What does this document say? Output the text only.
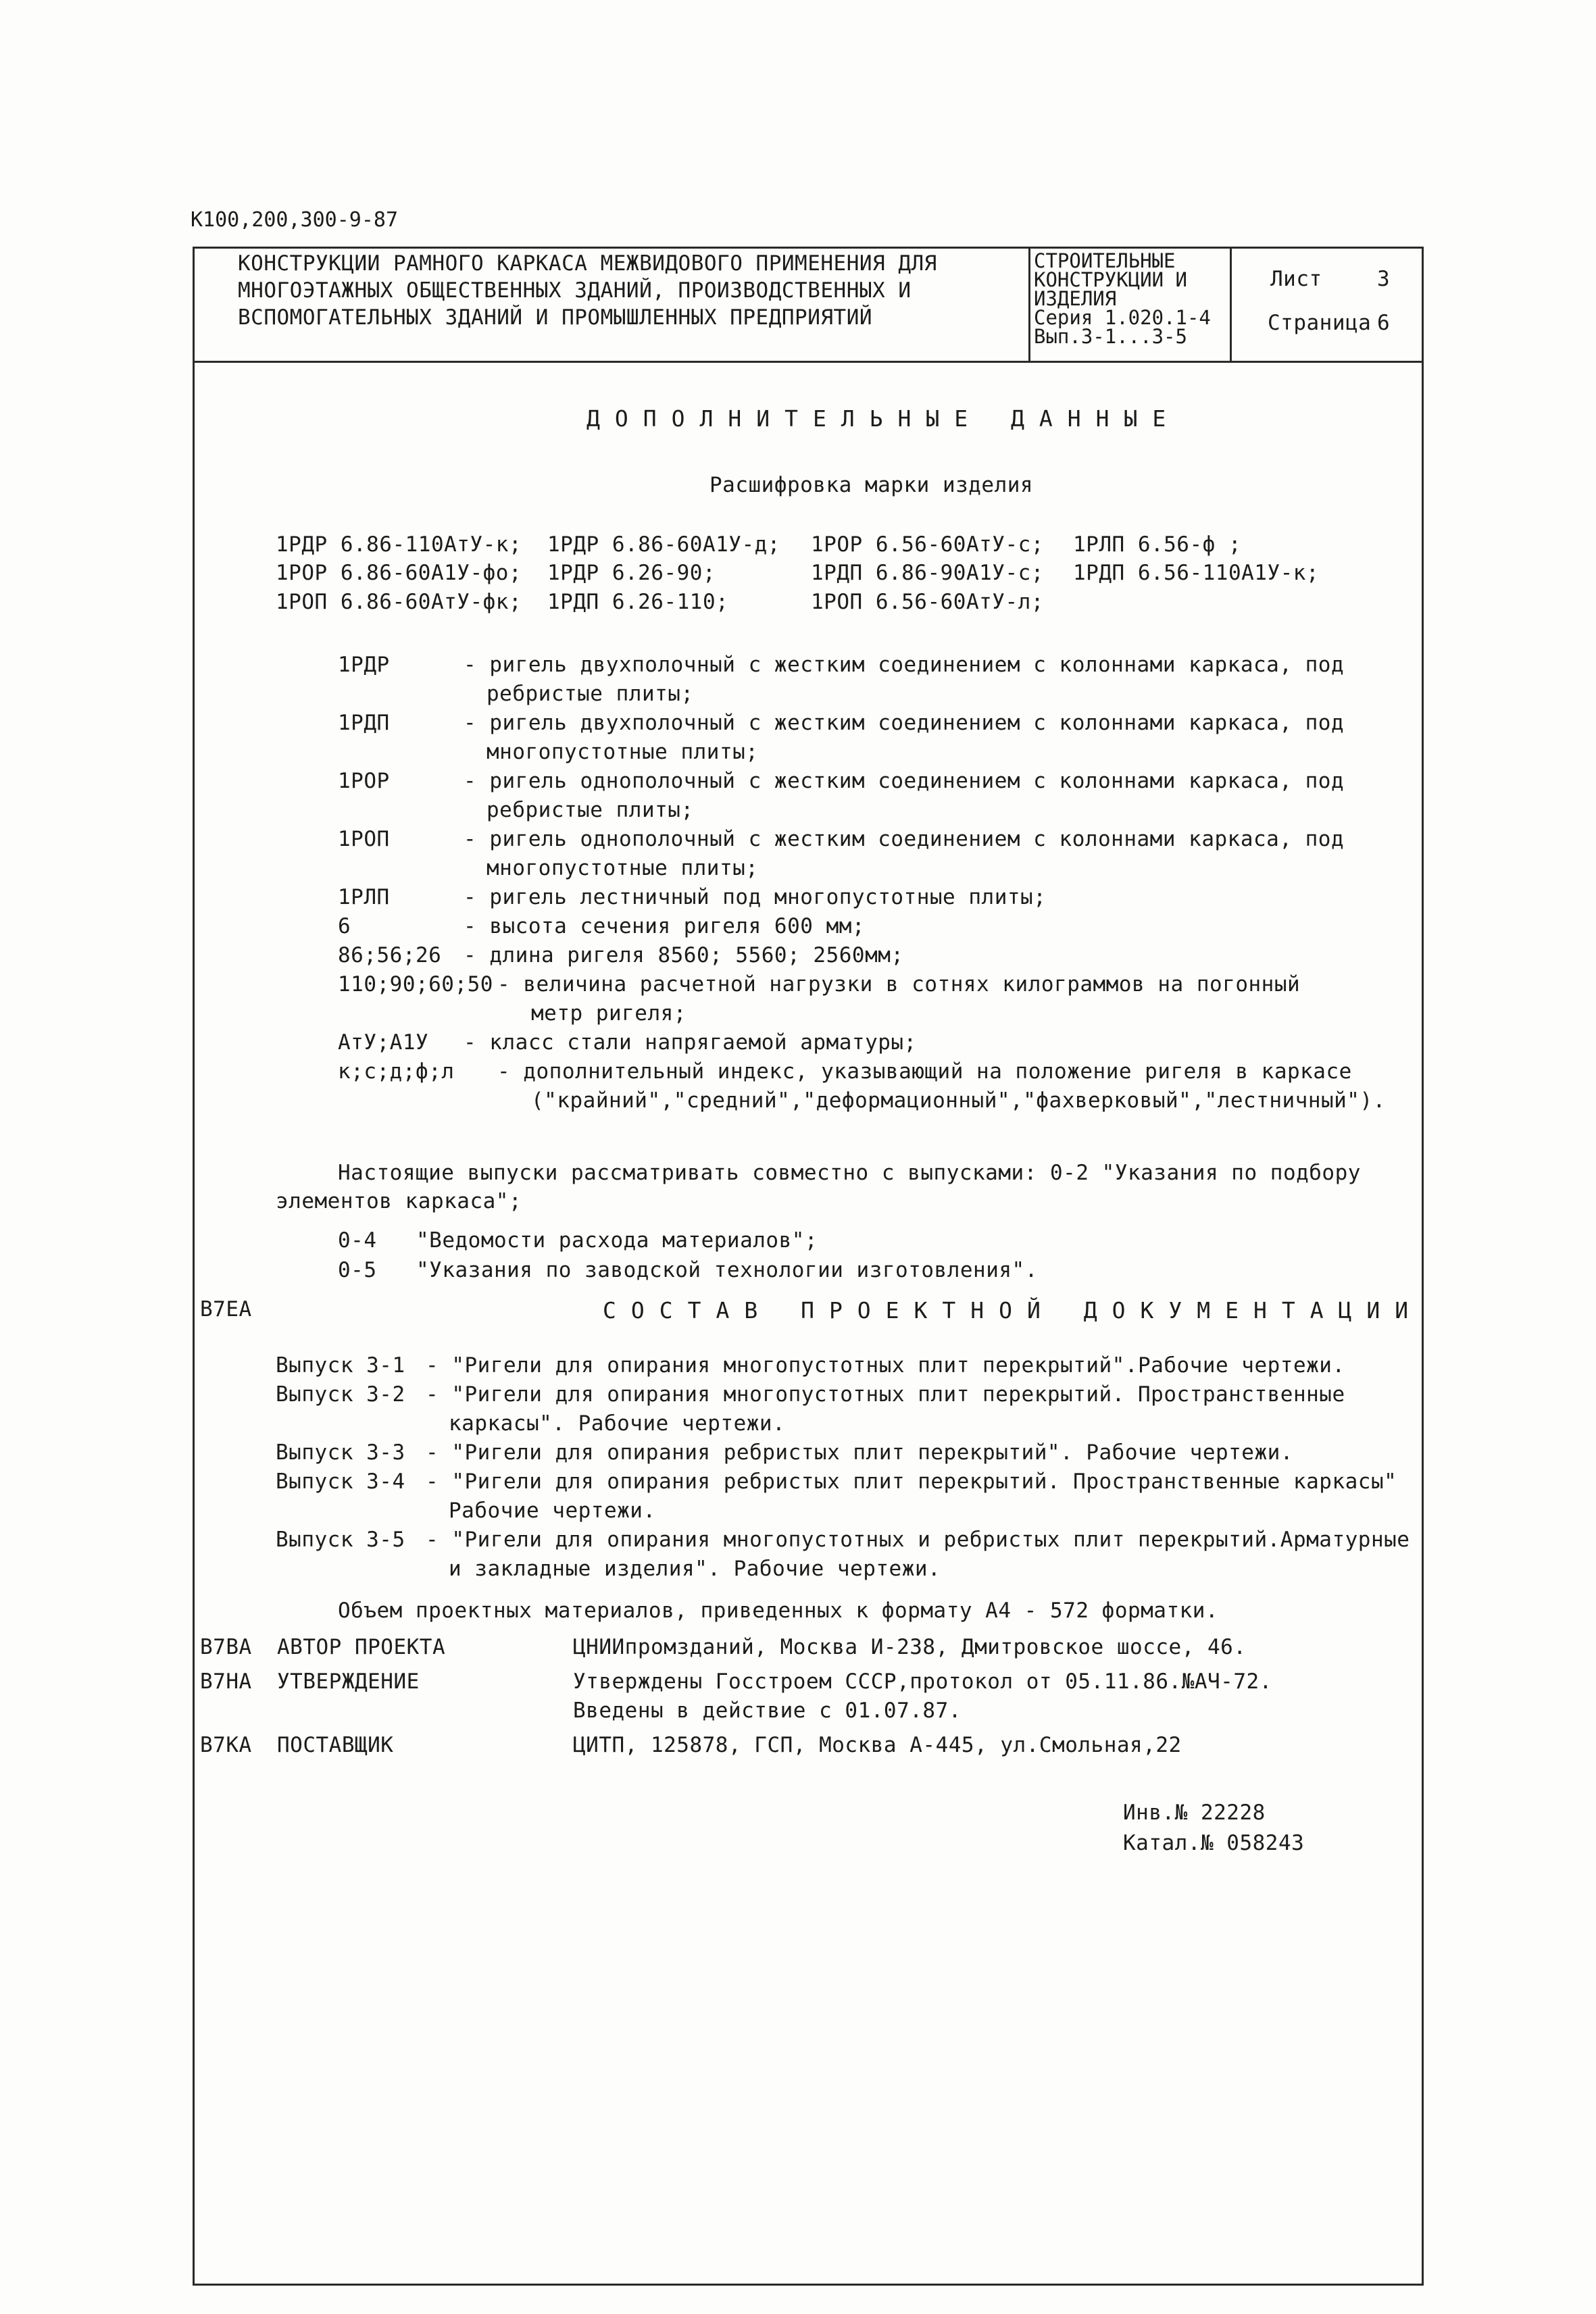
К100,200,300-9-87
КОНСТРУКЦИИ РАМНОГО КАРКАСА МЕЖВИДОВОГО ПРИМЕНЕНИЯ ДЛЯ
МНОГОЭТАЖНЫХ ОБЩЕСТВЕННЫХ ЗДАНИЙ, ПРОИЗВОДСТВЕННЫХ И
ВСПОМОГАТЕЛЬНЫХ ЗДАНИЙ И ПРОМЫШЛЕННЫХ ПРЕДПРИЯТИЙ
СТРОИТЕЛЬНЫЕ
КОНСТРУКЦИИ И
ИЗДЕЛИЯ
Серия 1.020.1-4
Вып.3-1...3-5
Лист	3
Страница 6
ДОПОЛНИТЕЛЬНЫЕ ДАННЫЕ
Расшифровка марки изделия
1РДР 6.86-110АтУ-к; 1РДР 6.86-60А1У-д; 1РОР 6.56-60АтУ-с; 1РЛП 6.56-ф ;
1РОР 6.86-60А1У-фо; 1РДР 6.26-90;	1РДП 6.86-90А1У-с; 1РДП 6.56-110А1У-к;
1РОП 6.86-60АтУ-фк; 1РДП 6.26-110;	1РОП 6.56-60АтУ-л;
1РДР	- ригель двухполочный с жестким соединением с колоннами каркаса, под
ребристые плиты;
1РДП	- ригель двухполочный с жестким соединением с колоннами каркаса, под
многопустотные плиты;
1РОР	- ригель однополочный с жестким соединением с колоннами каркаса, под
ребристые плиты;
1РОП	- ригель однополочный с жестким соединением с колоннами каркаса, под
многопустотные плиты;
1РЛП	- ригель лестничный под многопустотные плиты;
6	- высота сечения ригеля 600 мм;
86;56;26 - длина ригеля 8560; 5560; 2560мм;
110;90;60;50 - величина расчетной нагрузки в сотнях килограммов на погонный
метр ригеля;
АтУ;А1У - класс стали напрягаемой арматуры;
к;с;д;ф;л - дополнительный индекс, указывающий на положение ригеля в каркасе
("крайний","средний","деформационный","фахверковый","лестничный").
Настоящие выпуски рассматривать совместно с выпусками: 0-2 "Указания по подбору
элементов каркаса";
0-4 "Ведомости расхода материалов";
0-5 "Указания по заводской технологии изготовления".
В7ЕА	СОСТАВ ПРОЕКТНОЙ ДОКУМЕНТАЦИИ
Выпуск 3-1 - "Ригели для опирания многопустотных плит перекрытий".Рабочие чертежи.
Выпуск 3-2 - "Ригели для опирания многопустотных плит перекрытий. Пространственные
каркасы". Рабочие чертежи.
Выпуск 3-3 - "Ригели для опирания ребристых плит перекрытий". Рабочие чертежи.
Выпуск 3-4 - "Ригели для опирания ребристых плит перекрытий. Пространственные каркасы"
Рабочие чертежи.
Выпуск 3-5 - "Ригели для опирания многопустотных и ребристых плит перекрытий.Арматурные
и закладные изделия". Рабочие чертежи.
Объем проектных материалов, приведенных к формату А4 - 572 форматки.
В7ВА АВТОР ПРОЕКТА	ЦНИИпромзданий, Москва И-238, Дмитровское шоссе, 46.
В7НА УТВЕРЖДЕНИЕ	Утверждены Госстроем СССР,протокол от 05.11.86.№АЧ-72.
Введены в действие с 01.07.87.
В7КА ПОСТАВЩИК	ЦИТП, 125878, ГСП, Москва А-445, ул.Смольная,22
Инв.№ 22228
Катал.№ 058243
